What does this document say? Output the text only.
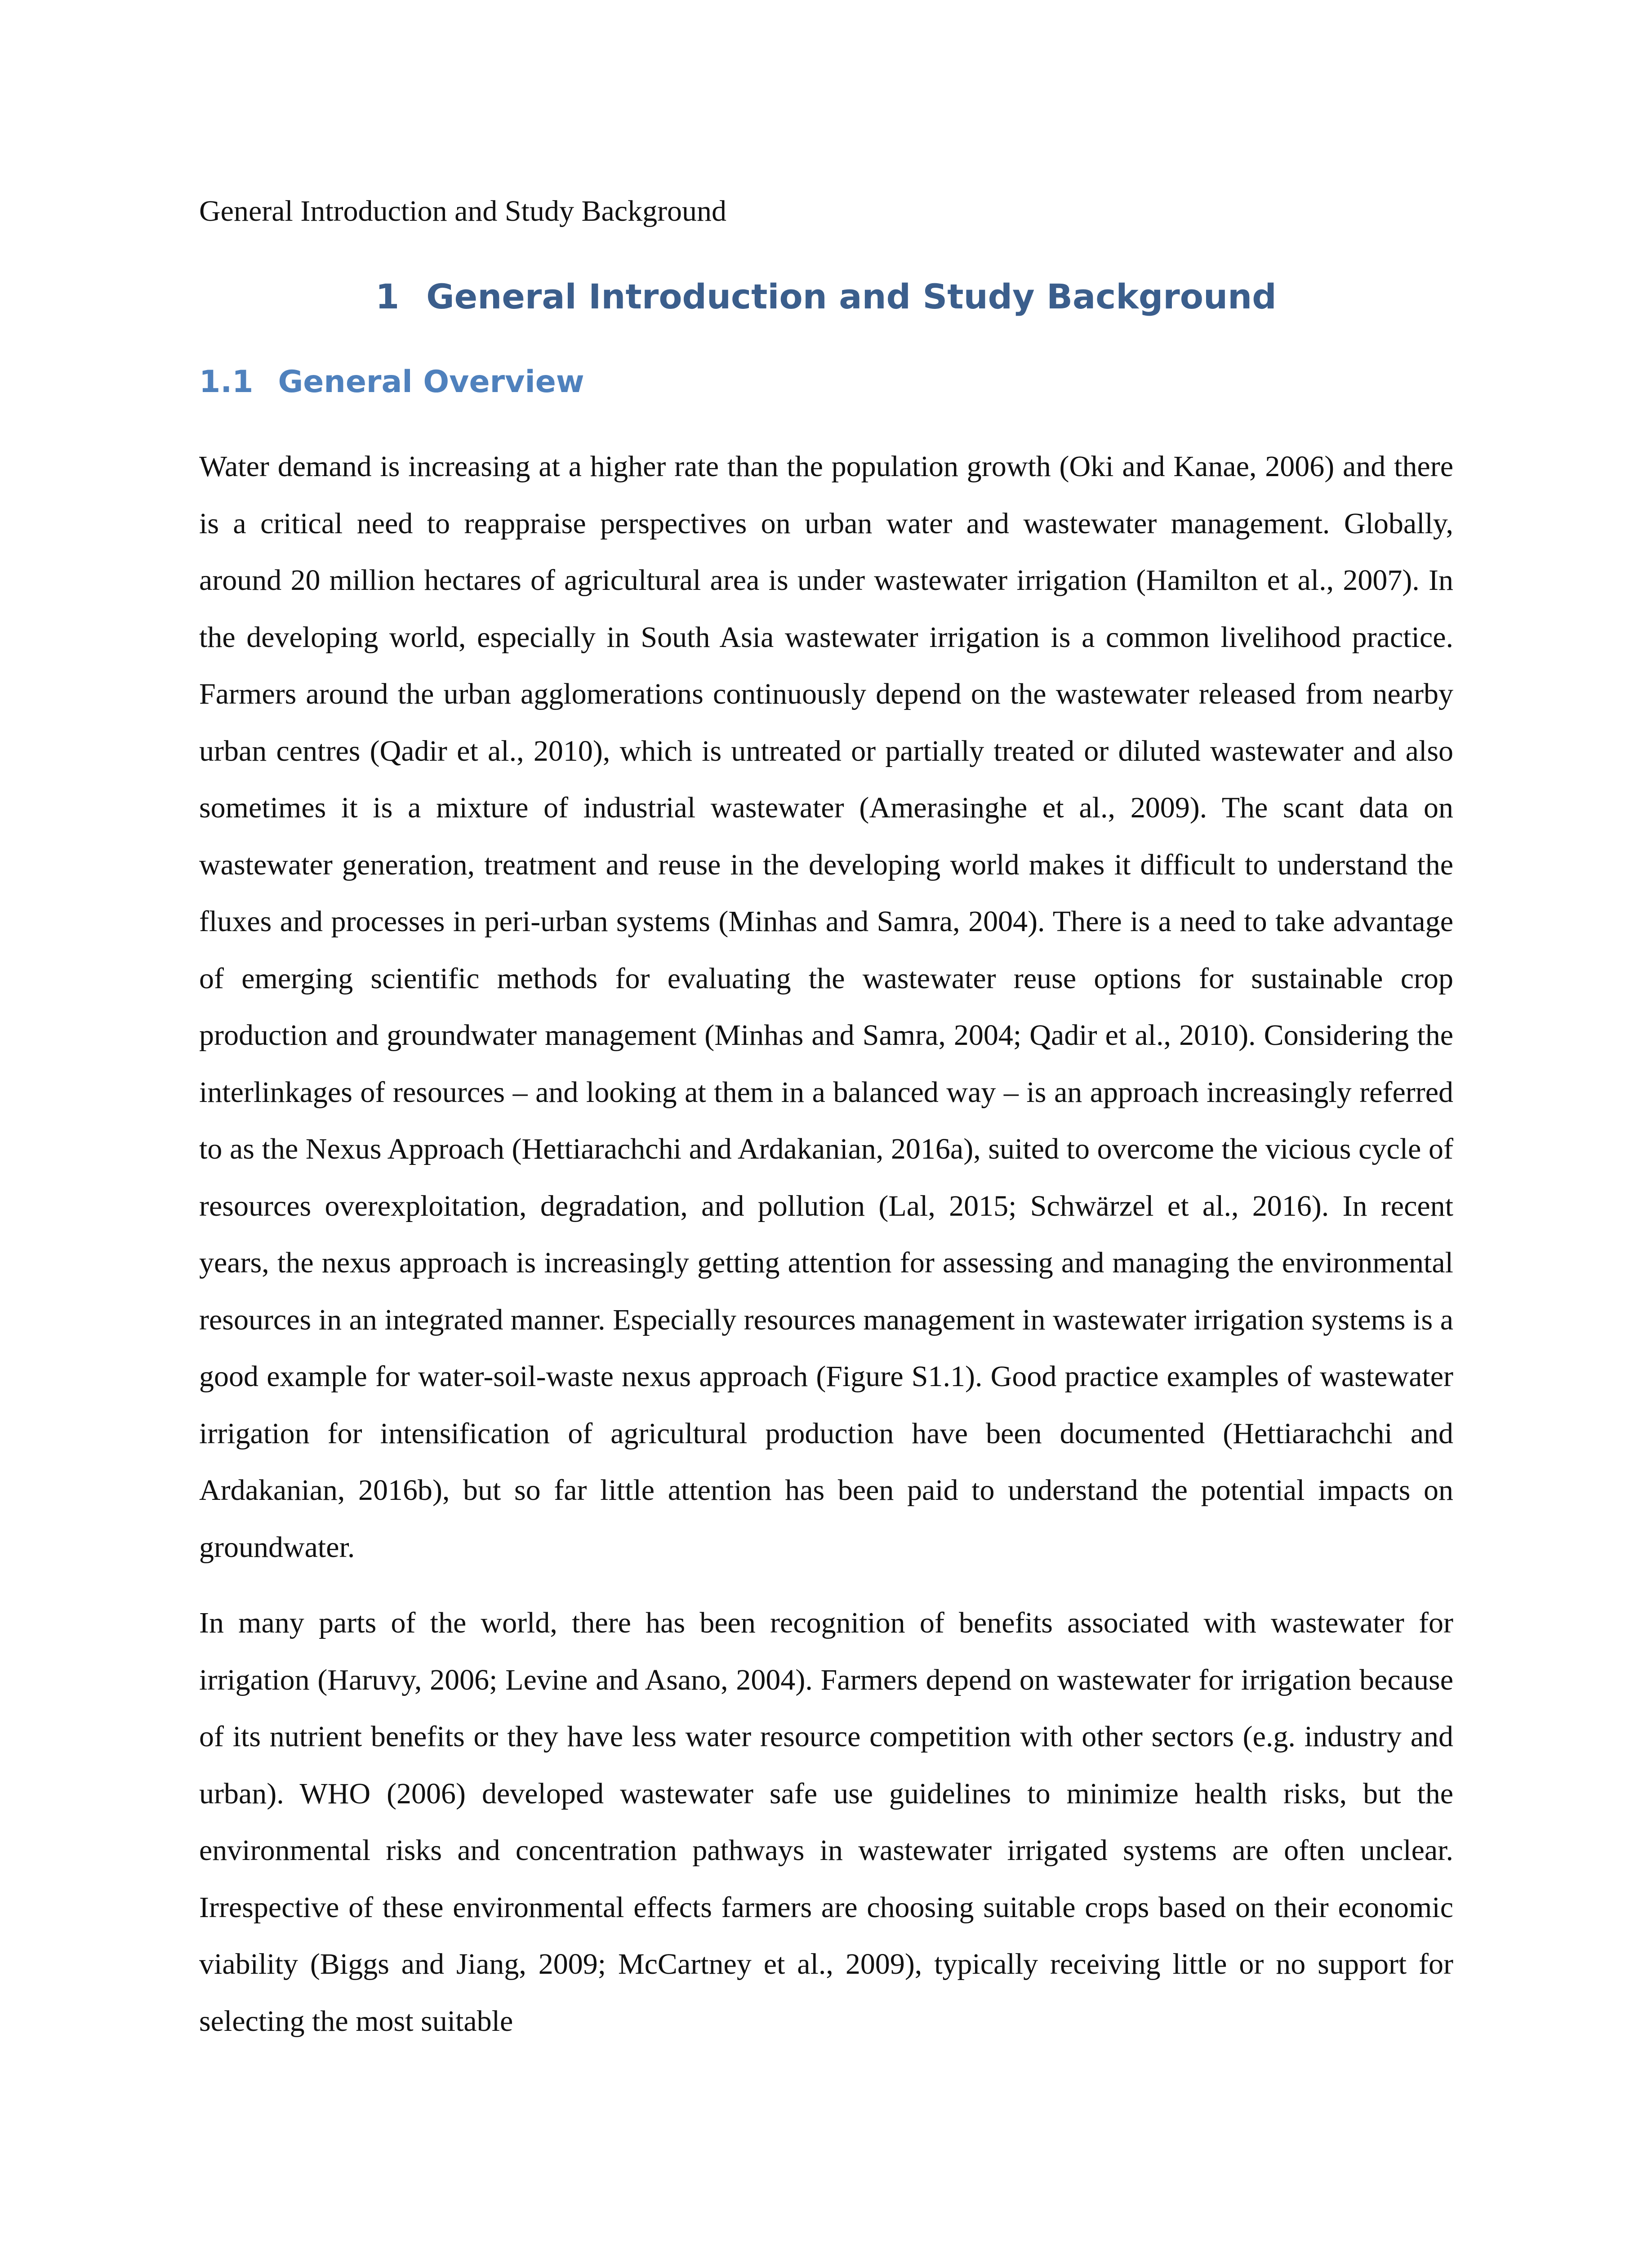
General Introduction and Study Background
1 General Introduction and Study Background
1.1 General Overview

Water demand is increasing at a higher rate than the population growth (Oki and Kanae, 2006) and there is a critical need to reappraise perspectives on urban water and wastewater management. Globally, around 20 million hectares of agricultural area is under wastewater irrigation (Hamilton et al., 2007). In the developing world, especially in South Asia wastewater irrigation is a common livelihood practice. Farmers around the urban agglomerations continuously depend on the wastewater released from nearby urban centres (Qadir et al., 2010), which is untreated or partially treated or diluted wastewater and also sometimes it is a mixture of industrial wastewater (Amerasinghe et al., 2009). The scant data on wastewater generation, treatment and reuse in the developing world makes it difficult to understand the fluxes and processes in peri-urban systems (Minhas and Samra, 2004). There is a need to take advantage of emerging scientific methods for evaluating the wastewater reuse options for sustainable crop production and groundwater management (Minhas and Samra, 2004; Qadir et al., 2010). Considering the interlinkages of resources – and looking at them in a balanced way – is an approach increasingly referred to as the Nexus Approach (Hettiarachchi and Ardakanian, 2016a), suited to overcome the vicious cycle of resources overexploitation, degradation, and pollution (Lal, 2015; Schwärzel et al., 2016). In recent years, the nexus approach is increasingly getting attention for assessing and managing the environmental resources in an integrated manner. Especially resources management in wastewater irrigation systems is a good example for water-soil-waste nexus approach (Figure S1.1). Good practice examples of wastewater irrigation for intensification of agricultural production have been documented (Hettiarachchi and Ardakanian, 2016b), but so far little attention has been paid to understand the potential impacts on groundwater.

In many parts of the world, there has been recognition of benefits associated with wastewater for irrigation (Haruvy, 2006; Levine and Asano, 2004). Farmers depend on wastewater for irrigation because of its nutrient benefits or they have less water resource competition with other sectors (e.g. industry and urban). WHO (2006) developed wastewater safe use guidelines to minimize health risks, but the environmental risks and concentration pathways in wastewater irrigated systems are often unclear. Irrespective of these environmental effects farmers are choosing suitable crops based on their economic viability (Biggs and Jiang, 2009; McCartney et al., 2009), typically receiving little or no support for selecting the most suitable
